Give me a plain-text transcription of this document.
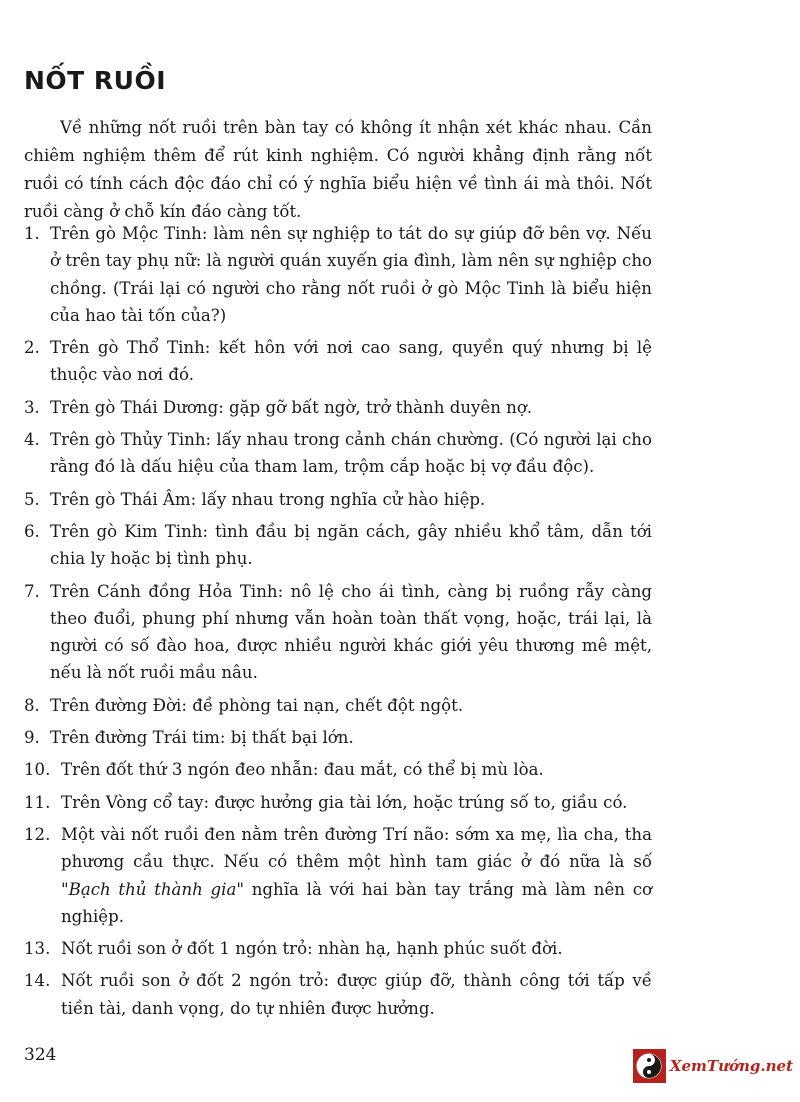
NỐT RUỒI

Về những nốt ruồi trên bàn tay có không ít nhận xét khác nhau. Cần chiêm nghiệm thêm để rút kinh nghiệm. Có người khẳng định rằng nốt ruồi có tính cách độc đáo chỉ có ý nghĩa biểu hiện về tình ái mà thôi. Nốt ruồi càng ở chỗ kín đáo càng tốt.

1. Trên gò Mộc Tinh: làm nên sự nghiệp to tát do sự giúp đỡ bên vợ. Nếu ở trên tay phụ nữ: là người quán xuyến gia đình, làm nên sự nghiệp cho chồng. (Trái lại có người cho rằng nốt ruồi ở gò Mộc Tinh là biểu hiện của hao tài tốn của?)
2. Trên gò Thổ Tinh: kết hôn với nơi cao sang, quyền quý nhưng bị lệ thuộc vào nơi đó.
3. Trên gò Thái Dương: gặp gỡ bất ngờ, trở thành duyên nợ.
4. Trên gò Thủy Tinh: lấy nhau trong cảnh chán chường. (Có người lại cho rằng đó là dấu hiệu của tham lam, trộm cắp hoặc bị vợ đầu độc).
5. Trên gò Thái Âm: lấy nhau trong nghĩa cử hào hiệp.
6. Trên gò Kim Tinh: tình đầu bị ngăn cách, gây nhiều khổ tâm, dẫn tới chia ly hoặc bị tình phụ.
7. Trên Cánh đồng Hỏa Tinh: nô lệ cho ái tình, càng bị ruồng rẫy càng theo đuổi, phung phí nhưng vẫn hoàn toàn thất vọng, hoặc, trái lại, là người có số đào hoa, được nhiều người khác giới yêu thương mê mệt, nếu là nốt ruồi mầu nâu.
8. Trên đường Đời: đề phòng tai nạn, chết đột ngột.
9. Trên đường Trái tim: bị thất bại lớn.
10. Trên đốt thứ 3 ngón đeo nhẫn: đau mắt, có thể bị mù lòa.
11. Trên Vòng cổ tay: được hưởng gia tài lớn, hoặc trúng số to, giầu có.
12. Một vài nốt ruồi đen nằm trên đường Trí não: sớm xa mẹ, lìa cha, tha phương cầu thực. Nếu có thêm một hình tam giác ở đó nữa là số "Bạch thủ thành gia" nghĩa là với hai bàn tay trắng mà làm nên cơ nghiệp.
13. Nốt ruồi son ở đốt 1 ngón trỏ: nhàn hạ, hạnh phúc suốt đời.
14. Nốt ruồi son ở đốt 2 ngón trỏ: được giúp đỡ, thành công tới tấp về tiền tài, danh vọng, do tự nhiên được hưởng.
324
XemTướng.net
